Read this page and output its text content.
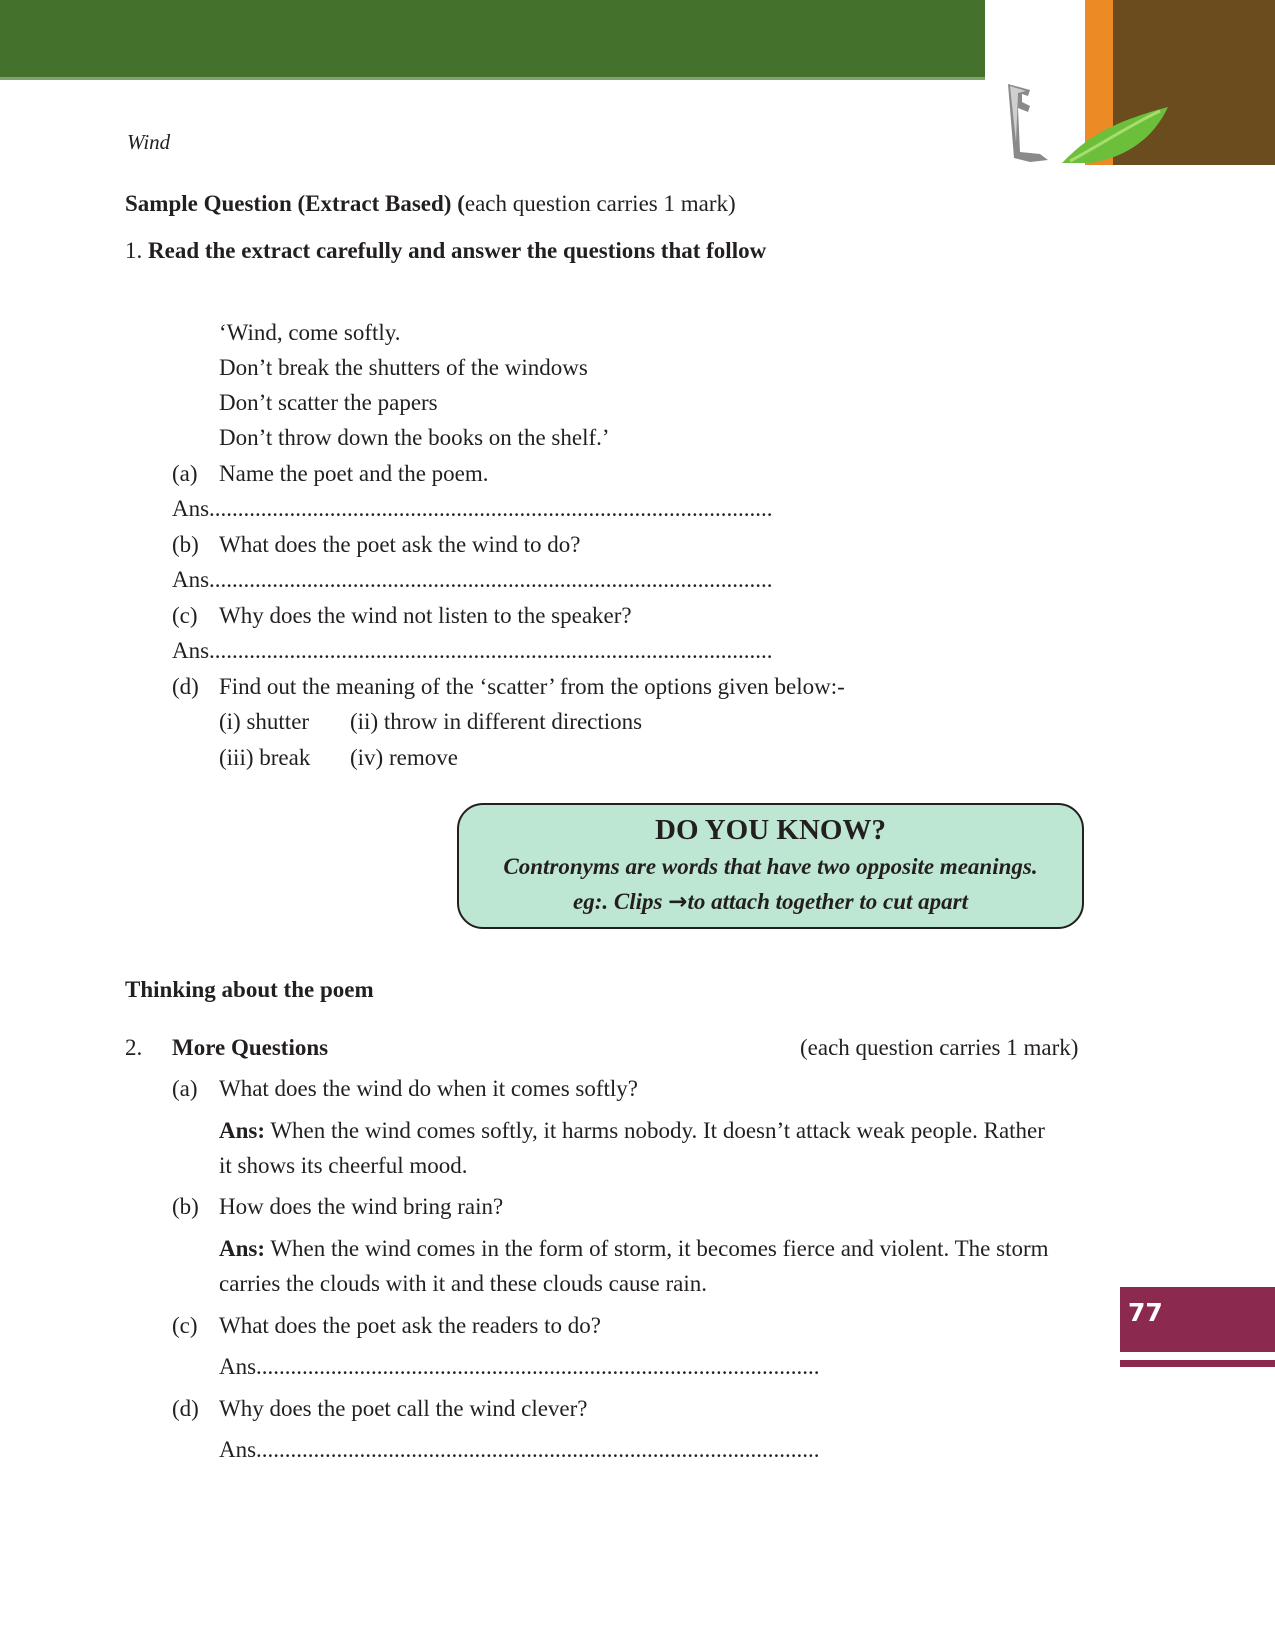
Wind
Sample Question (Extract Based) (each question carries 1 mark)
1. Read the extract carefully and answer the questions that follow
‘Wind, come softly.
Don’t break the shutters of the windows
Don’t scatter the papers
Don’t throw down the books on the shelf.’
(a) Name the poet and the poem.
Ans..................................................................................................
(b) What does the poet ask the wind to do?
Ans..................................................................................................
(c) Why does the wind not listen to the speaker?
Ans..................................................................................................
(d) Find out the meaning of the ‘scatter’ from the options given below:-
(i) shutter (ii) throw in different directions
(iii) break (iv) remove
DO YOU KNOW?
Contronyms are words that have two opposite meanings.
eg:. Clips →to attach together to cut apart
Thinking about the poem
2. More Questions	(each question carries 1 mark)
(a) What does the wind do when it comes softly?
Ans: When the wind comes softly, it harms nobody. It doesn’t attack weak people. Rather
it shows its cheerful mood.
(b) How does the wind bring rain?
Ans: When the wind comes in the form of storm, it becomes fierce and violent. The storm
carries the clouds with it and these clouds cause rain.
(c) What does the poet ask the readers to do?
Ans..................................................................................................
(d) Why does the poet call the wind clever?
Ans..................................................................................................
77
